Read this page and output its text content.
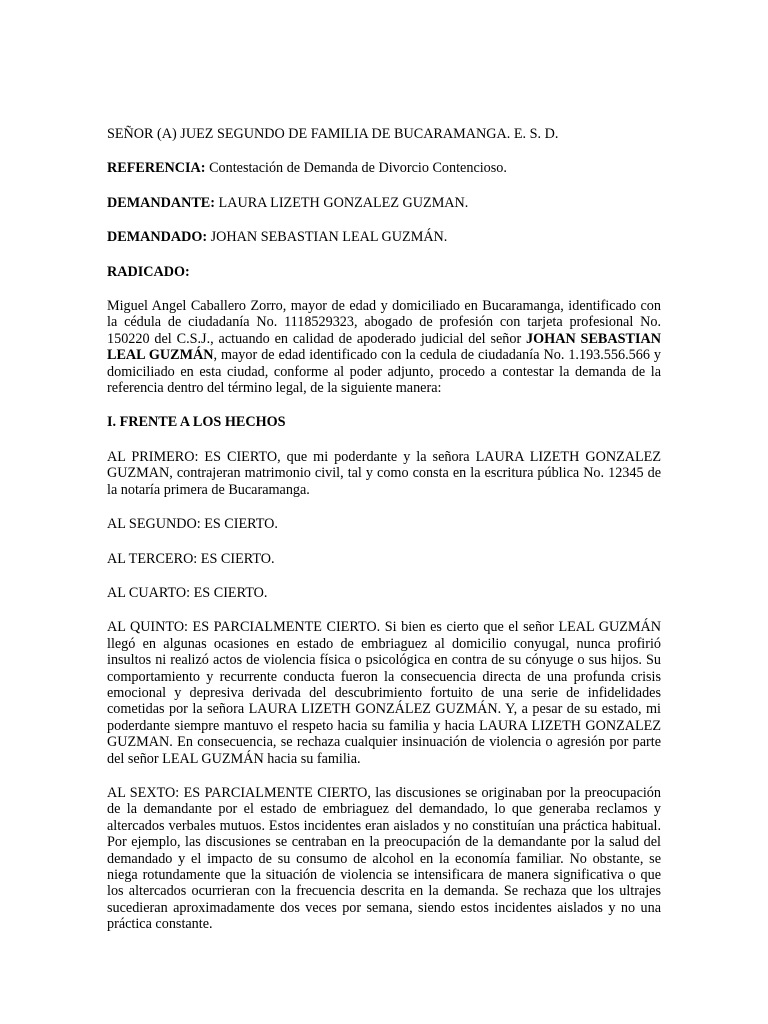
SEÑOR (A) JUEZ SEGUNDO DE FAMILIA DE BUCARAMANGA. E. S. D.

REFERENCIA: Contestación de Demanda de Divorcio Contencioso.

DEMANDANTE: LAURA LIZETH GONZALEZ GUZMAN.

DEMANDADO: JOHAN SEBASTIAN LEAL GUZMÁN.

RADICADO:

Miguel Angel Caballero Zorro, mayor de edad y domiciliado en Bucaramanga, identificado con la cédula de ciudadanía No. 1118529323, abogado de profesión con tarjeta profesional No. 150220 del C.S.J., actuando en calidad de apoderado judicial del señor JOHAN SEBASTIAN LEAL GUZMÁN, mayor de edad identificado con la cedula de ciudadanía No. 1.193.556.566 y domiciliado en esta ciudad, conforme al poder adjunto, procedo a contestar la demanda de la referencia dentro del término legal, de la siguiente manera:

I. FRENTE A LOS HECHOS

AL PRIMERO: ES CIERTO, que mi poderdante y la señora LAURA LIZETH GONZALEZ GUZMAN, contrajeran matrimonio civil, tal y como consta en la escritura pública No. 12345 de la notaría primera de Bucaramanga.

AL SEGUNDO: ES CIERTO.

AL TERCERO: ES CIERTO.

AL CUARTO: ES CIERTO.

AL QUINTO: ES PARCIALMENTE CIERTO. Si bien es cierto que el señor LEAL GUZMÁN llegó en algunas ocasiones en estado de embriaguez al domicilio conyugal, nunca profirió insultos ni realizó actos de violencia física o psicológica en contra de su cónyuge o sus hijos. Su comportamiento y recurrente conducta fueron la consecuencia directa de una profunda crisis emocional y depresiva derivada del descubrimiento fortuito de una serie de infidelidades cometidas por la señora LAURA LIZETH GONZÁLEZ GUZMÁN. Y, a pesar de su estado, mi poderdante siempre mantuvo el respeto hacia su familia y hacia LAURA LIZETH GONZALEZ GUZMAN. En consecuencia, se rechaza cualquier insinuación de violencia o agresión por parte del señor LEAL GUZMÁN hacia su familia.

AL SEXTO: ES PARCIALMENTE CIERTO, las discusiones se originaban por la preocupación de la demandante por el estado de embriaguez del demandado, lo que generaba reclamos y altercados verbales mutuos. Estos incidentes eran aislados y no constituían una práctica habitual. Por ejemplo, las discusiones se centraban en la preocupación de la demandante por la salud del demandado y el impacto de su consumo de alcohol en la economía familiar. No obstante, se niega rotundamente que la situación de violencia se intensificara de manera significativa o que los altercados ocurrieran con la frecuencia descrita en la demanda. Se rechaza que los ultrajes sucedieran aproximadamente dos veces por semana, siendo estos incidentes aislados y no una práctica constante.
